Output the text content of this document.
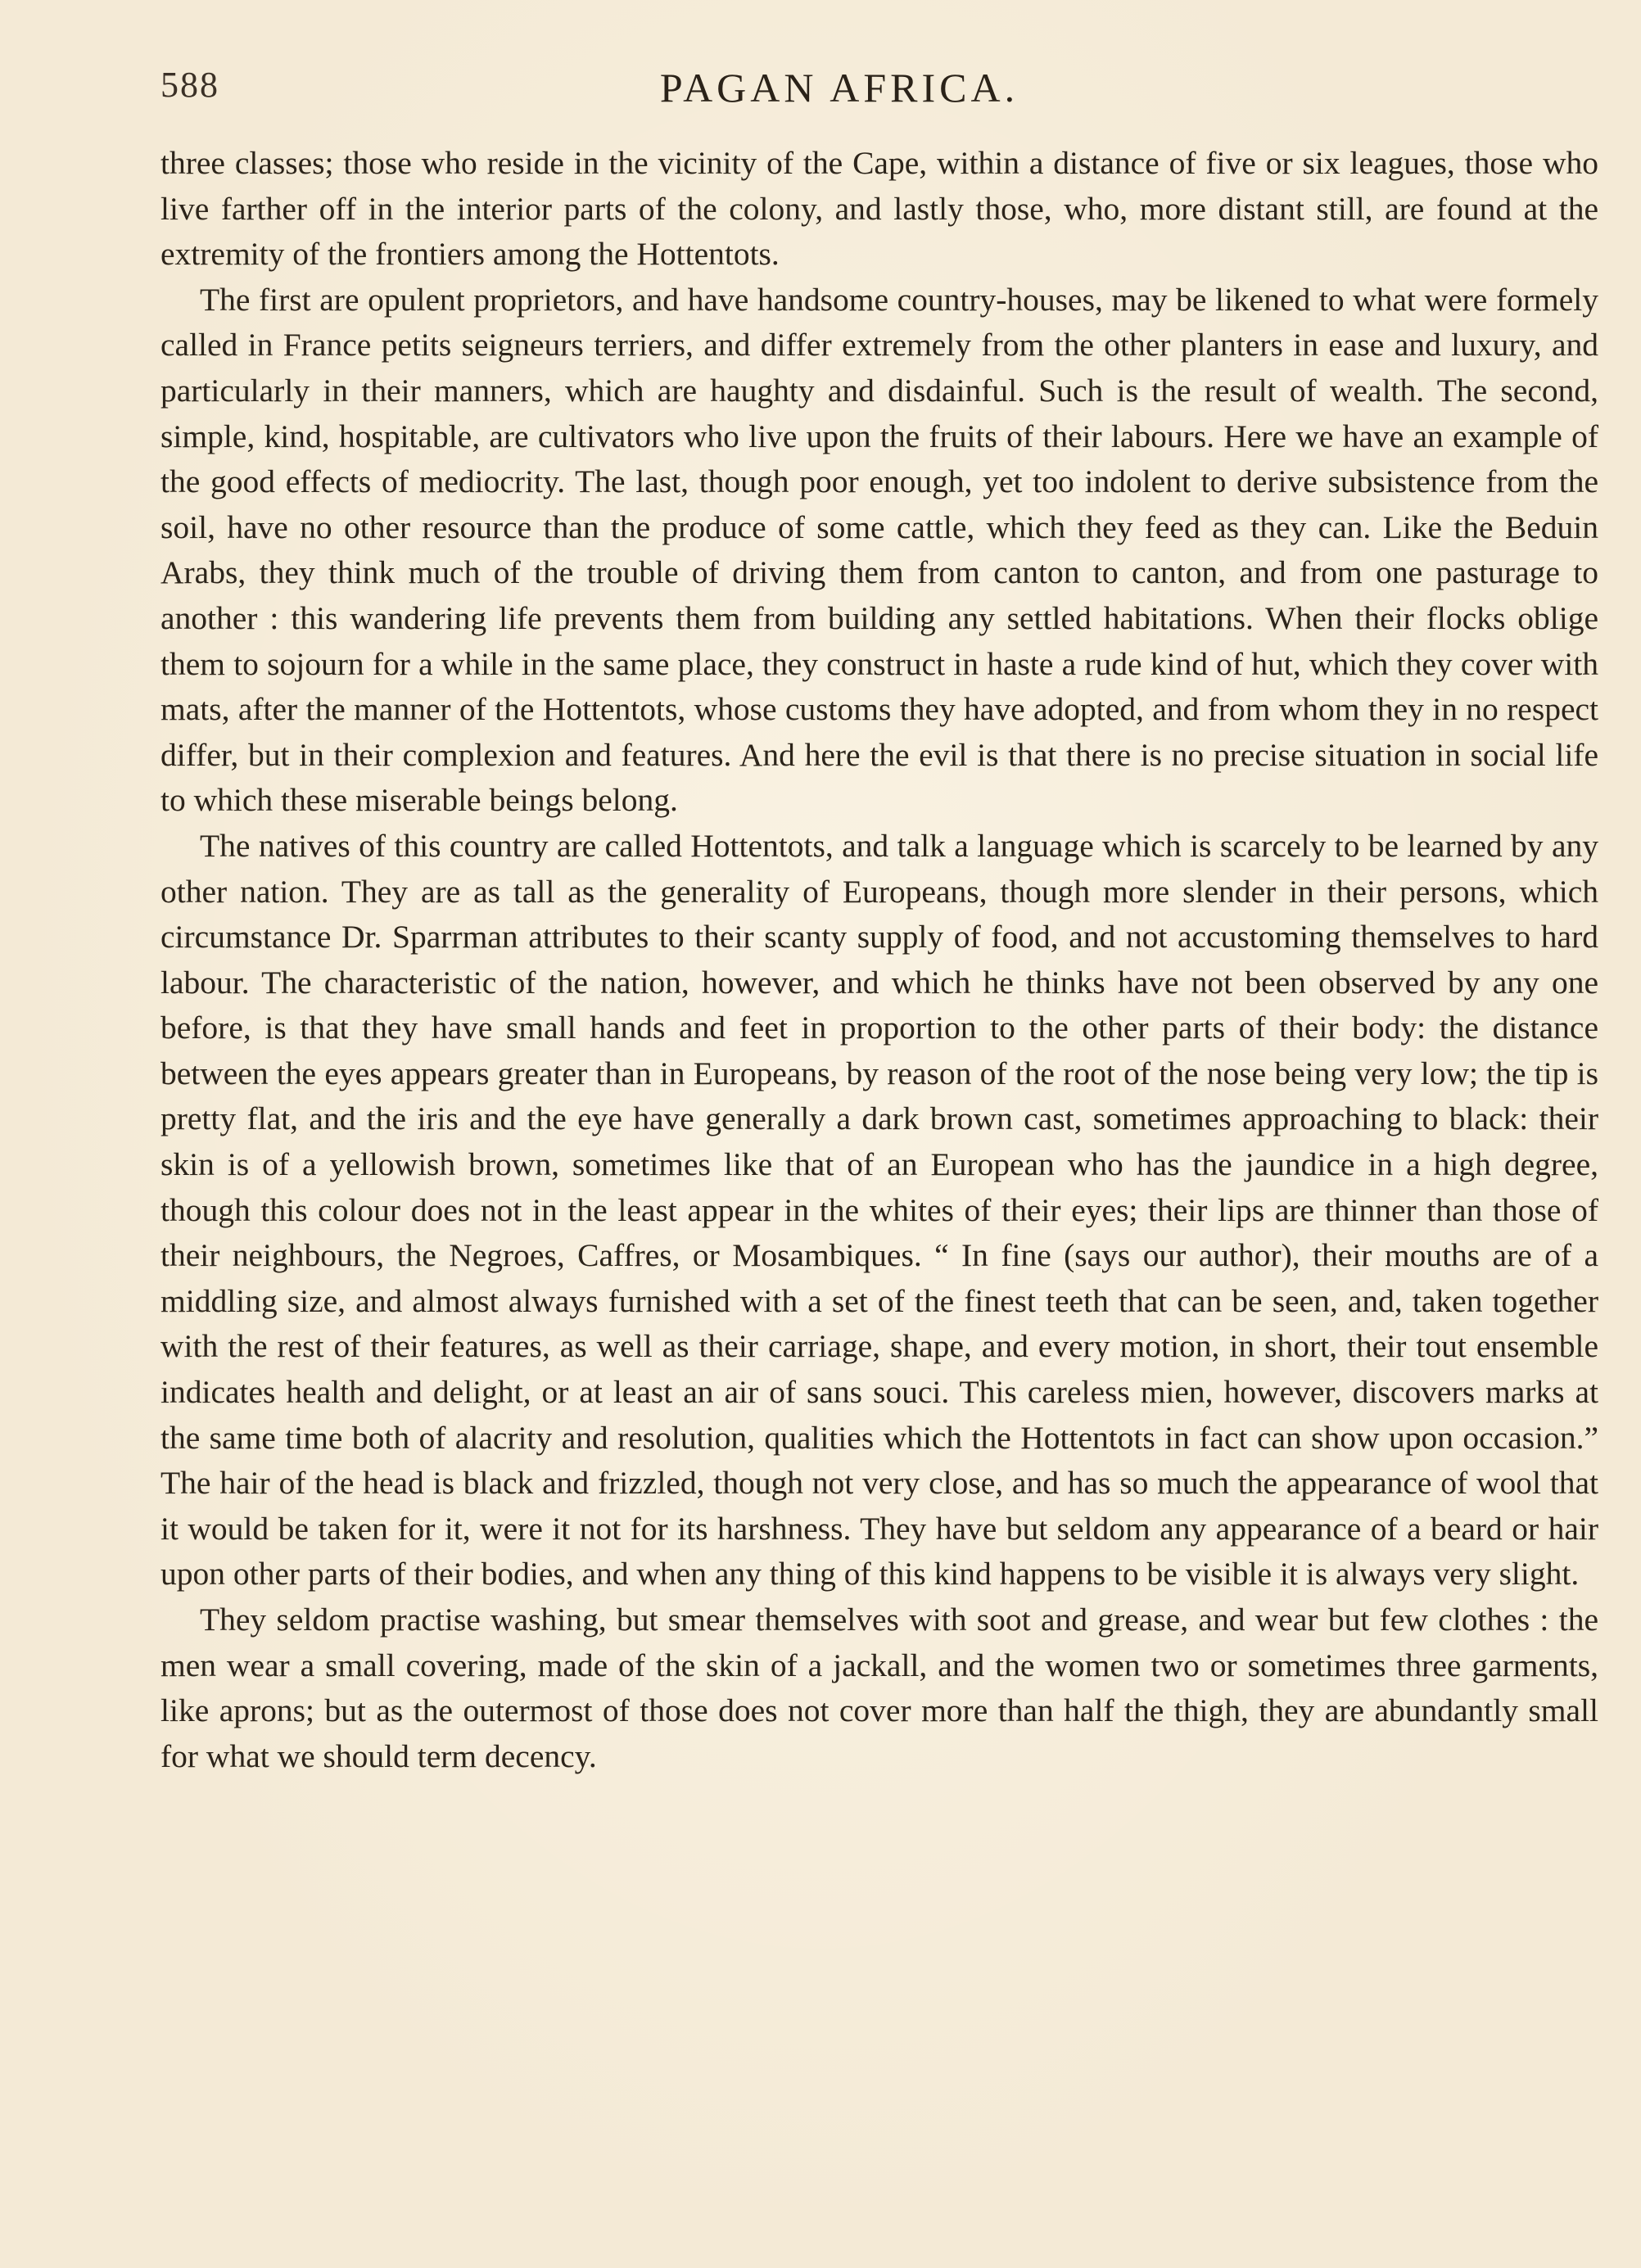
588	PAGAN AFRICA.

three classes; those who reside in the vicinity of the Cape, within a distance of five or six leagues, those who live farther off in the interior parts of the colony, and lastly those, who, more distant still, are found at the extremity of the frontiers among the Hottentots.

The first are opulent proprietors, and have handsome country-houses, may be likened to what were formely called in France petits seigneurs terriers, and differ extremely from the other planters in ease and luxury, and particularly in their manners, which are haughty and disdainful. Such is the result of wealth. The second, simple, kind, hospitable, are cultivators who live upon the fruits of their labours. Here we have an example of the good effects of mediocrity. The last, though poor enough, yet too indolent to derive subsistence from the soil, have no other resource than the produce of some cattle, which they feed as they can. Like the Beduin Arabs, they think much of the trouble of driving them from canton to canton, and from one pasturage to another : this wandering life prevents them from building any settled habitations. When their flocks oblige them to sojourn for a while in the same place, they construct in haste a rude kind of hut, which they cover with mats, after the manner of the Hottentots, whose customs they have adopted, and from whom they in no respect differ, but in their complexion and features. And here the evil is that there is no precise situation in social life to which these miserable beings belong.

The natives of this country are called Hottentots, and talk a language which is scarcely to be learned by any other nation. They are as tall as the generality of Europeans, though more slender in their persons, which circumstance Dr. Sparrman attributes to their scanty supply of food, and not accustoming themselves to hard labour. The characteristic of the nation, however, and which he thinks have not been observed by any one before, is that they have small hands and feet in proportion to the other parts of their body: the distance between the eyes appears greater than in Europeans, by reason of the root of the nose being very low; the tip is pretty flat, and the iris and the eye have generally a dark brown cast, sometimes approaching to black: their skin is of a yellowish brown, sometimes like that of an European who has the jaundice in a high degree, though this colour does not in the least appear in the whites of their eyes; their lips are thinner than those of their neighbours, the Negroes, Caffres, or Mosambiques. “ In fine (says our author), their mouths are of a middling size, and almost always furnished with a set of the finest teeth that can be seen, and, taken together with the rest of their features, as well as their carriage, shape, and every motion, in short, their tout ensemble indicates health and delight, or at least an air of sans souci. This careless mien, however, discovers marks at the same time both of alacrity and resolution, qualities which the Hottentots in fact can show upon occasion.” The hair of the head is black and frizzled, though not very close, and has so much the appearance of wool that it would be taken for it, were it not for its harshness. They have but seldom any appearance of a beard or hair upon other parts of their bodies, and when any thing of this kind happens to be visible it is always very slight.

They seldom practise washing, but smear themselves with soot and grease, and wear but few clothes : the men wear a small covering, made of the skin of a jackall, and the women two or sometimes three garments, like aprons; but as the outermost of those does not cover more than half the thigh, they are abundantly small for what we should term decency.
